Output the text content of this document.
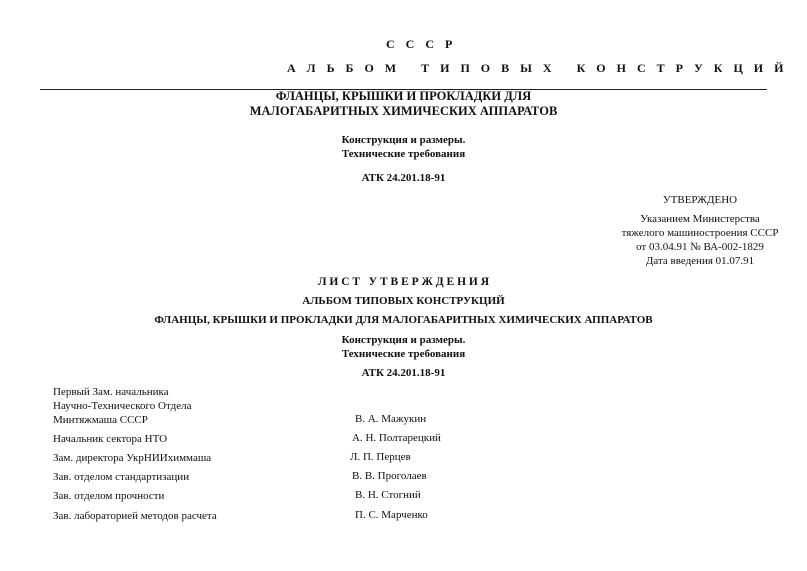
С С С Р
А Л Ь Б О М   Т И П О В Ы Х   К О Н С Т Р У К Ц И Й
ФЛАНЦЫ, КРЫШКИ И ПРОКЛАДКИ ДЛЯ
МАЛОГАБАРИТНЫХ ХИМИЧЕСКИХ АППАРАТОВ
Конструкция и размеры.
Технические требования
АТК 24.201.18-91
УТВЕРЖДЕНО
Указанием Министерства
тяжелого машиностроения СССР
от 03.04.91 № ВА-002-1829
Дата введения 01.07.91
Л И С Т   У Т В Е Р Ж Д Е Н И Я
АЛЬБОМ ТИПОВЫХ КОНСТРУКЦИЙ
ФЛАНЦЫ, КРЫШКИ И ПРОКЛАДКИ ДЛЯ МАЛОГАБАРИТНЫХ ХИМИЧЕСКИХ АППАРАТОВ
Конструкция и размеры.
Технические требования
АТК 24.201.18-91
Первый Зам. начальника
Научно-Технического Отдела
Минтяжмаша СССР	В. А. Мажукин
Начальник сектора НТО	А. Н. Полтарецкий
Зам. директора УкрНИИхиммаша	Л. П. Перцев
Зав. отделом стандартизации	В. В. Проголаев
Зав. отделом прочности	В. Н. Стогний
Зав. лабораторией методов расчета	П. С. Марченко
